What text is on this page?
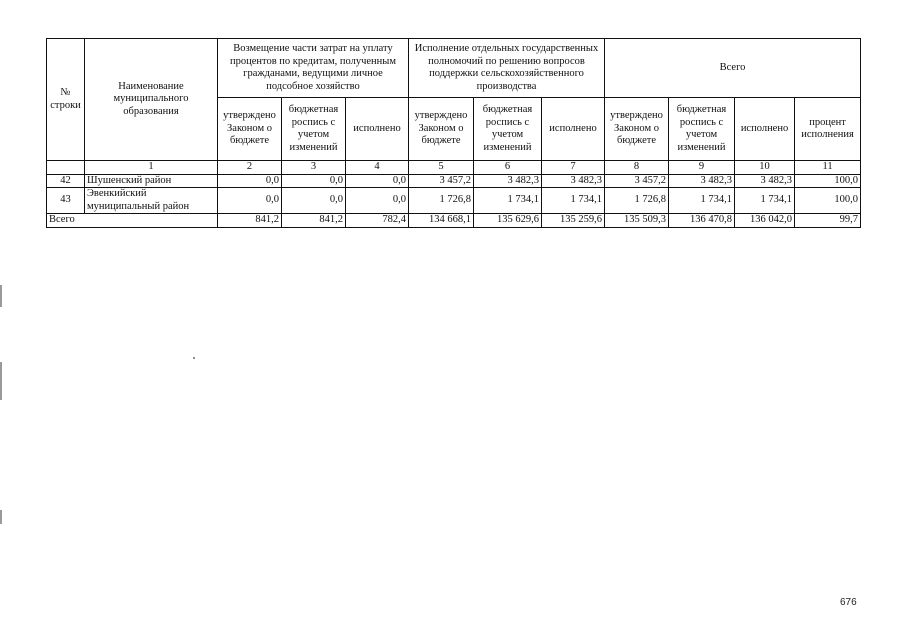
№ строки	Наименование муниципального образования	Возмещение части затрат на уплату процентов по кредитам, полученным гражданами, ведущими личное подсобное хозяйство			Исполнение отдельных государственных полномочий по решению вопросов поддержки сельскохозяйственного производства			Всего			
		утверждено Законом о бюджете	бюджетная роспись с учетом изменений	исполнено	утверждено Законом о бюджете	бюджетная роспись с учетом изменений	исполнено	утверждено Законом о бюджете	бюджетная роспись с учетом изменений	исполнено	процент исполнения
	1	2	3	4	5	6	7	8	9	10	11
42	Шушенский район	0,0	0,0	0,0	3 457,2	3 482,3	3 482,3	3 457,2	3 482,3	3 482,3	100,0
43	Эвенкийский муниципальный район	0,0	0,0	0,0	1 726,8	1 734,1	1 734,1	1 726,8	1 734,1	1 734,1	100,0
Всего		841,2	841,2	782,4	134 668,1	135 629,6	135 259,6	135 509,3	136 470,8	136 042,0	99,7
676
